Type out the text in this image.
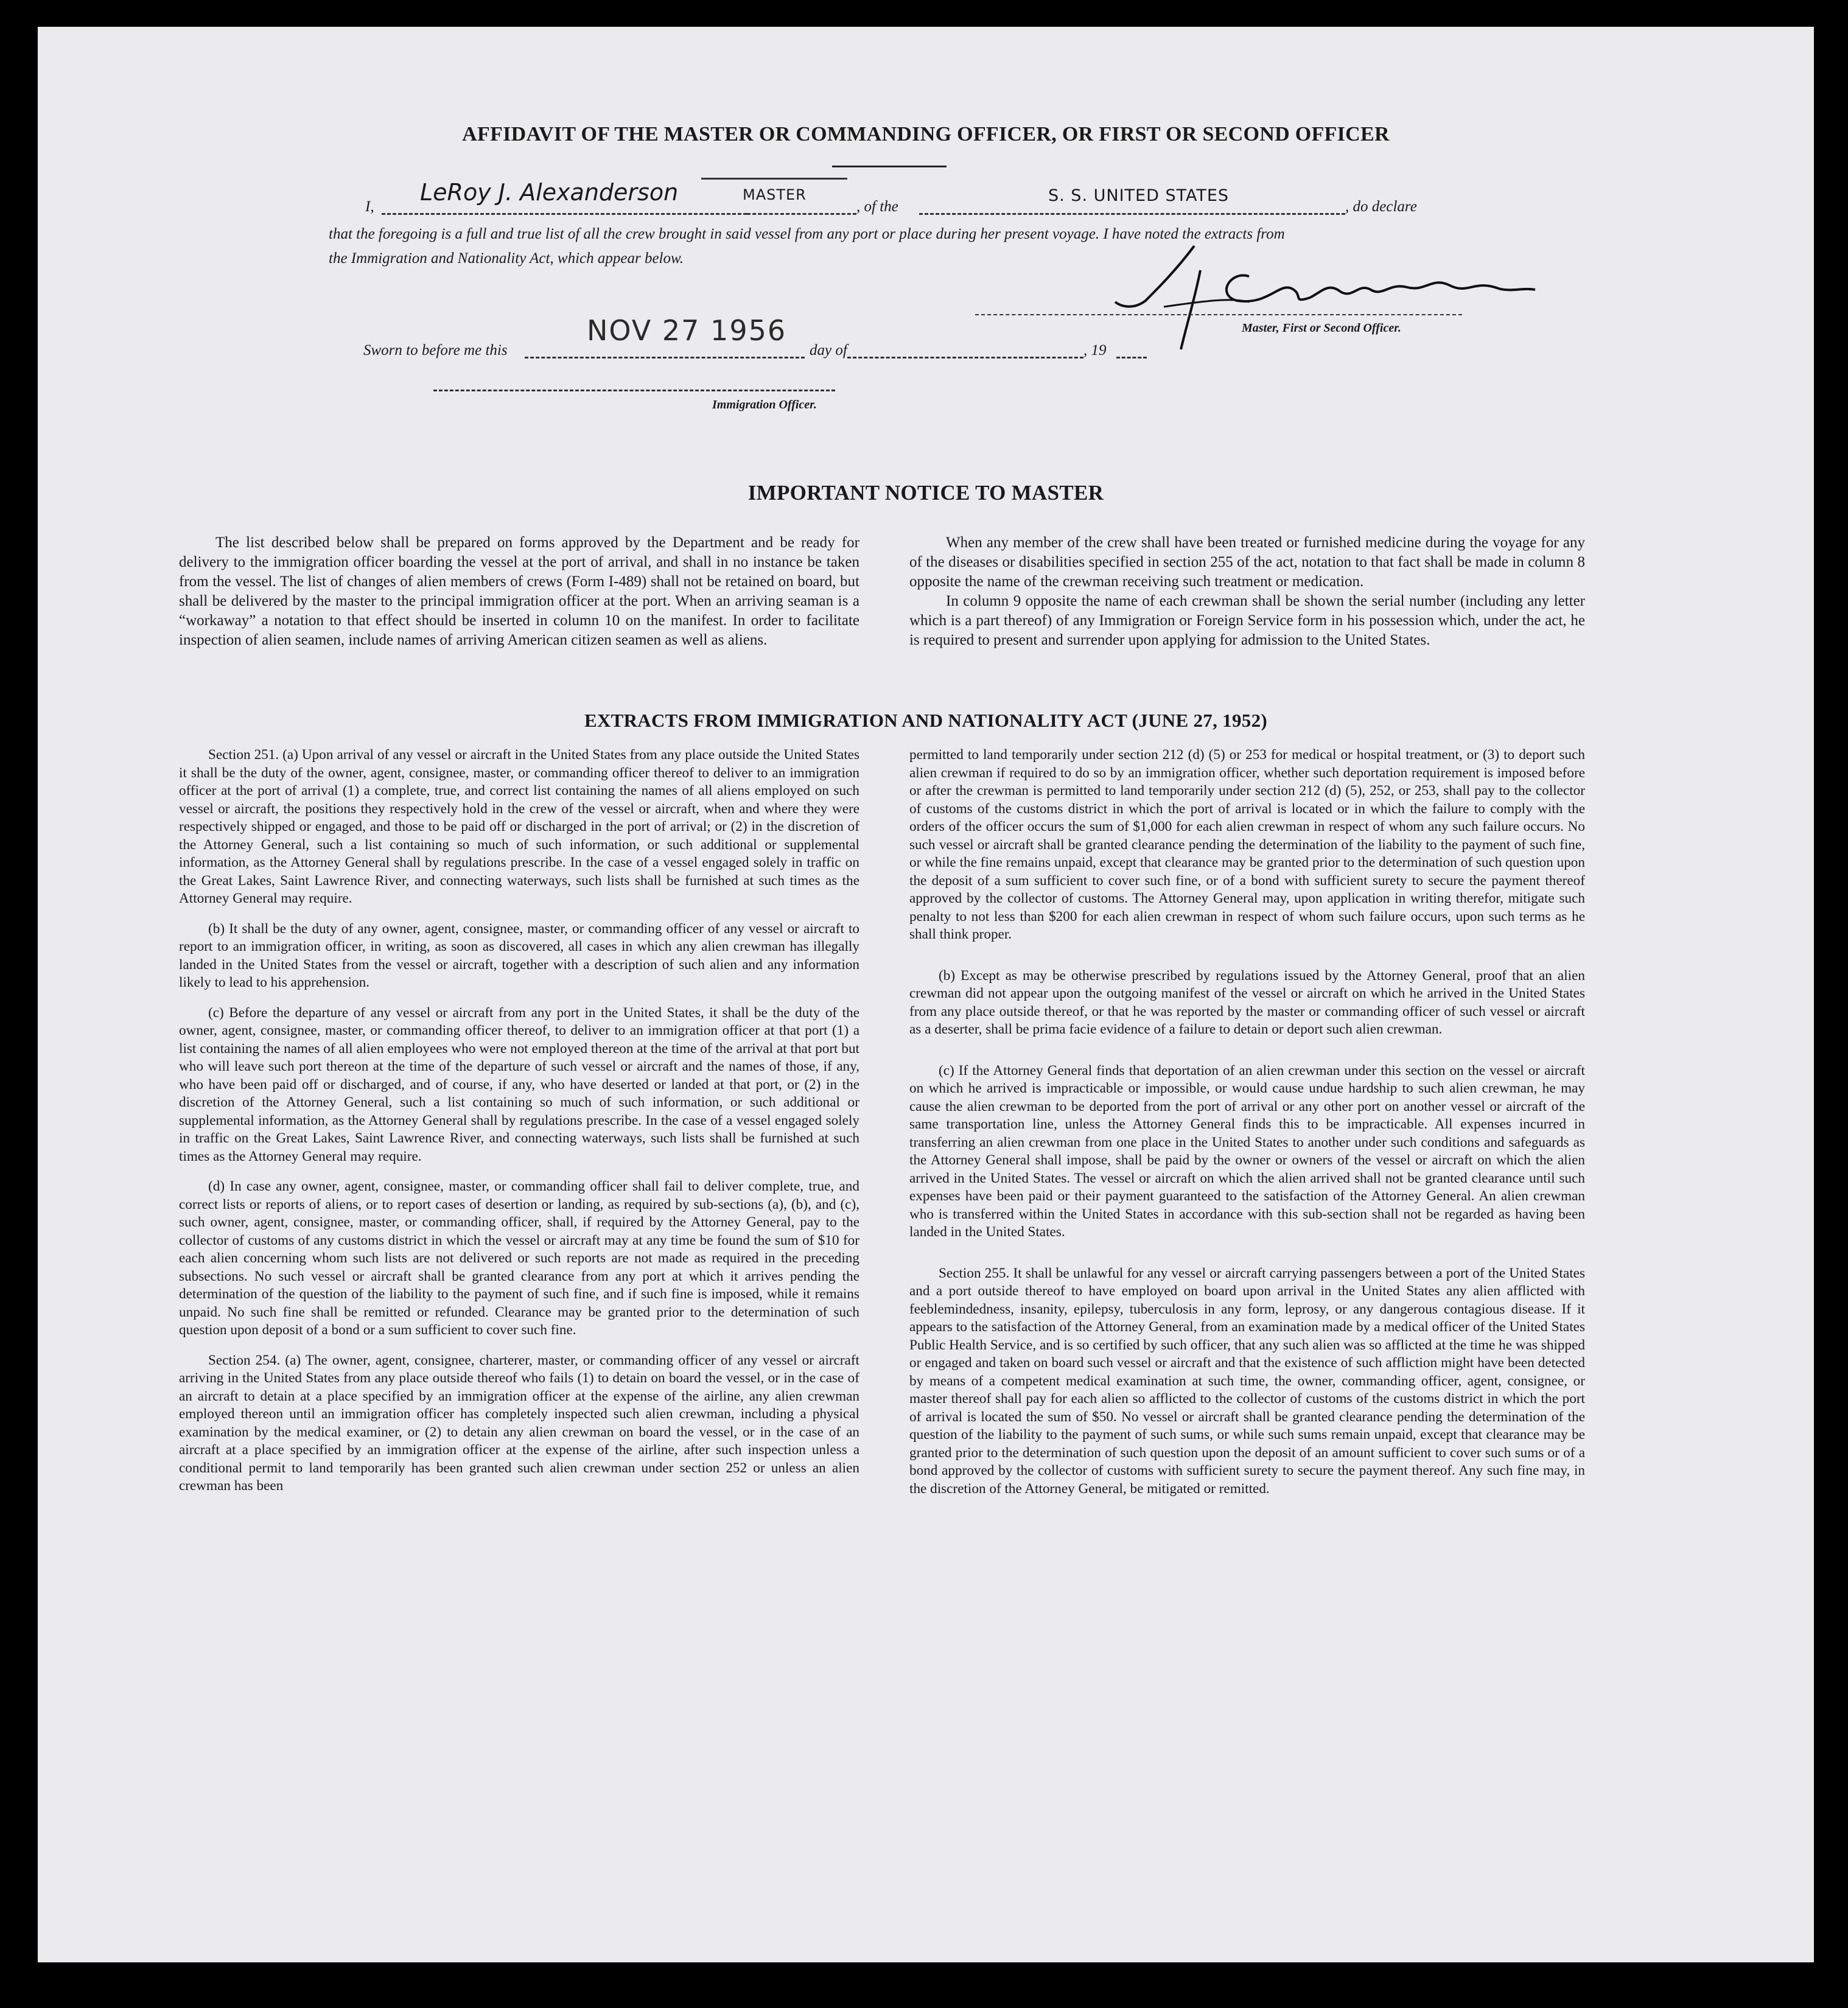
AFFIDAVIT OF THE MASTER OR COMMANDING OFFICER, OR FIRST OR SECOND OFFICER
I,
LeRoy J. Alexanderson	MASTER
, of the
S. S. UNITED STATES
, do declare
that the foregoing is a full and true list of all the crew brought in said vessel from any port or place during her present voyage. I have noted the extracts from
the Immigration and Nationality Act, which appear below.
Master, First or Second Officer.
Sworn to before me this
NOV 27 1956
day of	, 19
Immigration Officer.
IMPORTANT NOTICE TO MASTER

The list described below shall be prepared on forms approved by the Department and be ready for delivery to the immigration officer boarding the vessel at the port of arrival, and shall in no instance be taken from the vessel. The list of changes of alien members of crews (Form I-489) shall not be retained on board, but shall be delivered by the master to the principal immigration officer at the port. When an arriving seaman is a “workaway” a notation to that effect should be inserted in column 10 on the manifest. In order to facilitate inspection of alien seamen, include names of arriving American citizen seamen as well as aliens.

When any member of the crew shall have been treated or furnished medicine during the voyage for any of the diseases or disabilities specified in section 255 of the act, notation to that fact shall be made in column 8 opposite the name of the crewman receiving such treatment or medication.

In column 9 opposite the name of each crewman shall be shown the serial number (including any letter which is a part thereof) of any Immigration or Foreign Service form in his possession which, under the act, he is required to present and surrender upon applying for admission to the United States.

EXTRACTS FROM IMMIGRATION AND NATIONALITY ACT (JUNE 27, 1952)

Section 251. (a) Upon arrival of any vessel or aircraft in the United States from any place outside the United States it shall be the duty of the owner, agent, consignee, master, or commanding officer thereof to deliver to an immigration officer at the port of arrival (1) a complete, true, and correct list containing the names of all aliens employed on such vessel or aircraft, the positions they respectively hold in the crew of the vessel or aircraft, when and where they were respectively shipped or engaged, and those to be paid off or discharged in the port of arrival; or (2) in the discretion of the Attorney General, such a list containing so much of such information, or such additional or supplemental information, as the Attorney General shall by regulations prescribe. In the case of a vessel engaged solely in traffic on the Great Lakes, Saint Lawrence River, and connecting waterways, such lists shall be furnished at such times as the Attorney General may require.

(b) It shall be the duty of any owner, agent, consignee, master, or commanding officer of any vessel or aircraft to report to an immigration officer, in writing, as soon as discovered, all cases in which any alien crewman has illegally landed in the United States from the vessel or aircraft, together with a description of such alien and any information likely to lead to his apprehension.

(c) Before the departure of any vessel or aircraft from any port in the United States, it shall be the duty of the owner, agent, consignee, master, or commanding officer thereof, to deliver to an immigration officer at that port (1) a list containing the names of all alien employees who were not employed thereon at the time of the arrival at that port but who will leave such port thereon at the time of the departure of such vessel or aircraft and the names of those, if any, who have been paid off or discharged, and of course, if any, who have deserted or landed at that port, or (2) in the discretion of the Attorney General, such a list containing so much of such information, or such additional or supplemental information, as the Attorney General shall by regulations prescribe. In the case of a vessel engaged solely in traffic on the Great Lakes, Saint Lawrence River, and connecting waterways, such lists shall be furnished at such times as the Attorney General may require.

(d) In case any owner, agent, consignee, master, or commanding officer shall fail to deliver complete, true, and correct lists or reports of aliens, or to report cases of desertion or landing, as required by sub-sections (a), (b), and (c), such owner, agent, consignee, master, or commanding officer, shall, if required by the Attorney General, pay to the collector of customs of any customs district in which the vessel or aircraft may at any time be found the sum of $10 for each alien concerning whom such lists are not delivered or such reports are not made as required in the preceding subsections. No such vessel or aircraft shall be granted clearance from any port at which it arrives pending the determination of the question of the liability to the payment of such fine, and if such fine is imposed, while it remains unpaid. No such fine shall be remitted or refunded. Clearance may be granted prior to the determination of such question upon deposit of a bond or a sum sufficient to cover such fine.

Section 254. (a) The owner, agent, consignee, charterer, master, or commanding officer of any vessel or aircraft arriving in the United States from any place outside thereof who fails (1) to detain on board the vessel, or in the case of an aircraft to detain at a place specified by an immigration officer at the expense of the airline, any alien crewman employed thereon until an immigration officer has completely inspected such alien crewman, including a physical examination by the medical examiner, or (2) to detain any alien crewman on board the vessel, or in the case of an aircraft at a place specified by an immigration officer at the expense of the airline, after such inspection unless a conditional permit to land temporarily has been granted such alien crewman under section 252 or unless an alien crewman has been

permitted to land temporarily under section 212 (d) (5) or 253 for medical or hospital treatment, or (3) to deport such alien crewman if required to do so by an immigration officer, whether such deportation requirement is imposed before or after the crewman is permitted to land temporarily under section 212 (d) (5), 252, or 253, shall pay to the collector of customs of the customs district in which the port of arrival is located or in which the failure to comply with the orders of the officer occurs the sum of $1,000 for each alien crewman in respect of whom any such failure occurs. No such vessel or aircraft shall be granted clearance pending the determination of the liability to the payment of such fine, or while the fine remains unpaid, except that clearance may be granted prior to the determination of such question upon the deposit of a sum sufficient to cover such fine, or of a bond with sufficient surety to secure the payment thereof approved by the collector of customs. The Attorney General may, upon application in writing therefor, mitigate such penalty to not less than $200 for each alien crewman in respect of whom such failure occurs, upon such terms as he shall think proper.

(b) Except as may be otherwise prescribed by regulations issued by the Attorney General, proof that an alien crewman did not appear upon the outgoing manifest of the vessel or aircraft on which he arrived in the United States from any place outside thereof, or that he was reported by the master or commanding officer of such vessel or aircraft as a deserter, shall be prima facie evidence of a failure to detain or deport such alien crewman.

(c) If the Attorney General finds that deportation of an alien crewman under this section on the vessel or aircraft on which he arrived is impracticable or impossible, or would cause undue hardship to such alien crewman, he may cause the alien crewman to be deported from the port of arrival or any other port on another vessel or aircraft of the same transportation line, unless the Attorney General finds this to be impracticable. All expenses incurred in transferring an alien crewman from one place in the United States to another under such conditions and safeguards as the Attorney General shall impose, shall be paid by the owner or owners of the vessel or aircraft on which the alien arrived in the United States. The vessel or aircraft on which the alien arrived shall not be granted clearance until such expenses have been paid or their payment guaranteed to the satisfaction of the Attorney General. An alien crewman who is transferred within the United States in accordance with this sub-section shall not be regarded as having been landed in the United States.

Section 255. It shall be unlawful for any vessel or aircraft carrying passengers between a port of the United States and a port outside thereof to have employed on board upon arrival in the United States any alien afflicted with feeblemindedness, insanity, epilepsy, tuberculosis in any form, leprosy, or any dangerous contagious disease. If it appears to the satisfaction of the Attorney General, from an examination made by a medical officer of the United States Public Health Service, and is so certified by such officer, that any such alien was so afflicted at the time he was shipped or engaged and taken on board such vessel or aircraft and that the existence of such affliction might have been detected by means of a competent medical examination at such time, the owner, commanding officer, agent, consignee, or master thereof shall pay for each alien so afflicted to the collector of customs of the customs district in which the port of arrival is located the sum of $50. No vessel or aircraft shall be granted clearance pending the determination of the question of the liability to the payment of such sums, or while such sums remain unpaid, except that clearance may be granted prior to the determination of such question upon the deposit of an amount sufficient to cover such sums or of a bond approved by the collector of customs with sufficient surety to secure the payment thereof. Any such fine may, in the discretion of the Attorney General, be mitigated or remitted.
